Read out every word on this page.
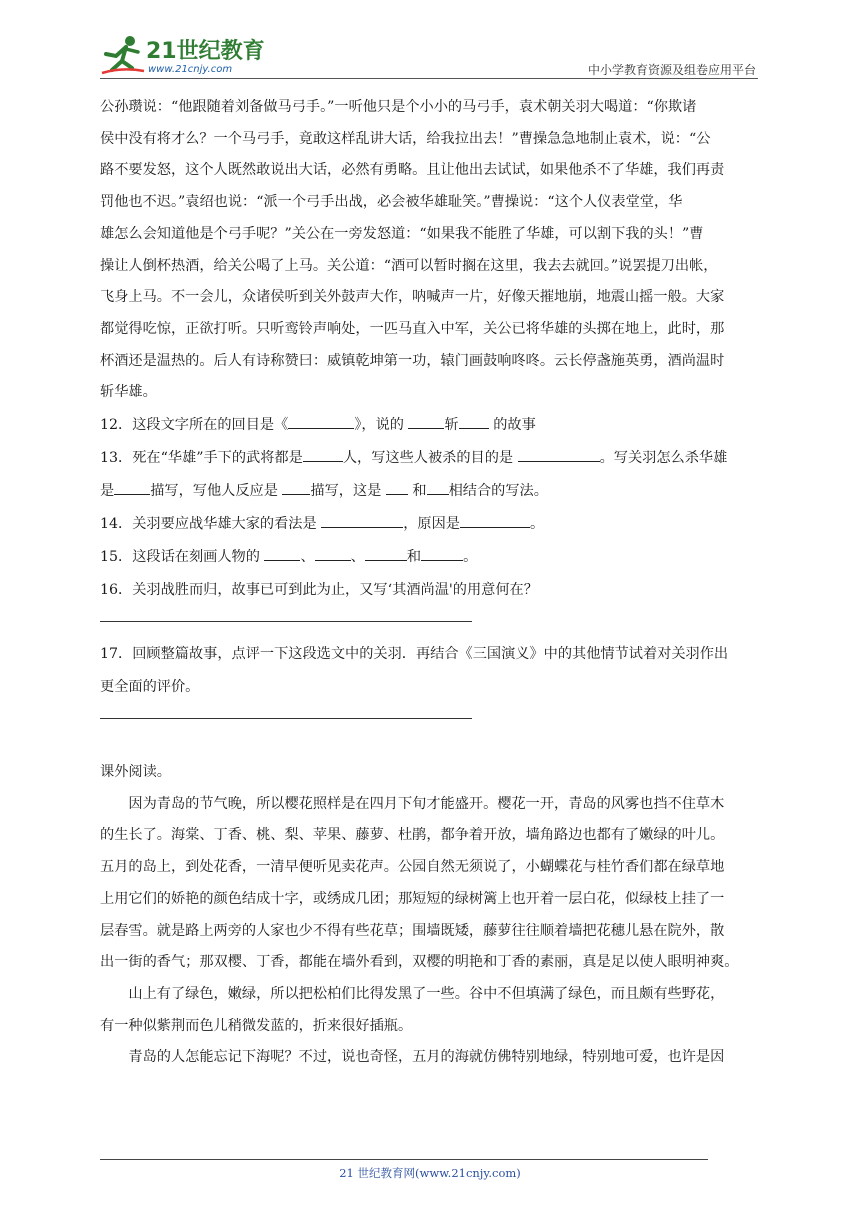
21世纪教育
www.21cnjy.com	中小学教育资源及组卷应用平台

公孙瓒说：“他跟随着刘备做马弓手。”一听他只是个小小的马弓手，袁术朝关羽大喝道：“你欺诸

侯中没有将才么？一个马弓手，竟敢这样乱讲大话，给我拉出去！”曹操急急地制止袁术，说：“公

路不要发怒，这个人既然敢说出大话，必然有勇略。且让他出去试试，如果他杀不了华雄，我们再责

罚他也不迟。”袁绍也说：“派一个弓手出战，必会被华雄耻笑。”曹操说：“这个人仪表堂堂，华

雄怎么会知道他是个弓手呢？”关公在一旁发怒道：“如果我不能胜了华雄，可以割下我的头！”曹

操让人倒杯热酒，给关公喝了上马。关公道：“酒可以暂时搁在这里，我去去就回。”说罢提刀出帐，

飞身上马。不一会儿，众诸侯听到关外鼓声大作，呐喊声一片，好像天摧地崩，地震山摇一般。大家

都觉得吃惊，正欲打听。只听鸾铃声响处，一匹马直入中军，关公已将华雄的头掷在地上，此时，那

杯酒还是温热的。后人有诗称赞曰：威镇乾坤第一功，辕门画鼓响咚咚。云长停盏施英勇，酒尚温时

斩华雄。

12．这段文字所在的回目是《	》，说的	斩 的故事
13．死在“华雄”手下的武将都是	人，写这些人被杀的目的是	。写关羽怎么杀华雄
是	描写，写他人反应是 描写，这是  和 相结合的写法。
14．关羽要应战华雄大家的看法是	，原因是	。
15．这段话在刻画人物的	、	、	和	。
16．关羽战胜而归，故事已可到此为止，又写‘其酒尚温'的用意何在？
17．回顾整篇故事，点评一下这段选文中的关羽．再结合《三国演义》中的其他情节试着对关羽作出
更全面的评价。

课外阅读。

因为青岛的节气晚，所以樱花照样是在四月下旬才能盛开。樱花一开，青岛的风雾也挡不住草木

的生长了。海棠、丁香、桃、梨、苹果、藤萝、杜鹃，都争着开放，墙角路边也都有了嫩绿的叶儿。

五月的岛上，到处花香，一清早便听见卖花声。公园自然无须说了，小蝴蝶花与桂竹香们都在绿草地

上用它们的娇艳的颜色结成十字，或绣成几团；那短短的绿树篱上也开着一层白花，似绿枝上挂了一

层春雪。就是路上两旁的人家也少不得有些花草；围墙既矮，藤萝往往顺着墙把花穗儿悬在院外，散

出一街的香气；那双樱、丁香，都能在墙外看到，双樱的明艳和丁香的素丽，真是足以使人眼明神爽。

山上有了绿色，嫩绿，所以把松柏们比得发黑了一些。谷中不但填满了绿色，而且颇有些野花，

有一种似紫荆而色儿稍微发蓝的，折来很好插瓶。

青岛的人怎能忘记下海呢？不过，说也奇怪，五月的海就仿佛特别地绿，特别地可爱，也许是因

21 世纪教育网(www.21cnjy.com)
